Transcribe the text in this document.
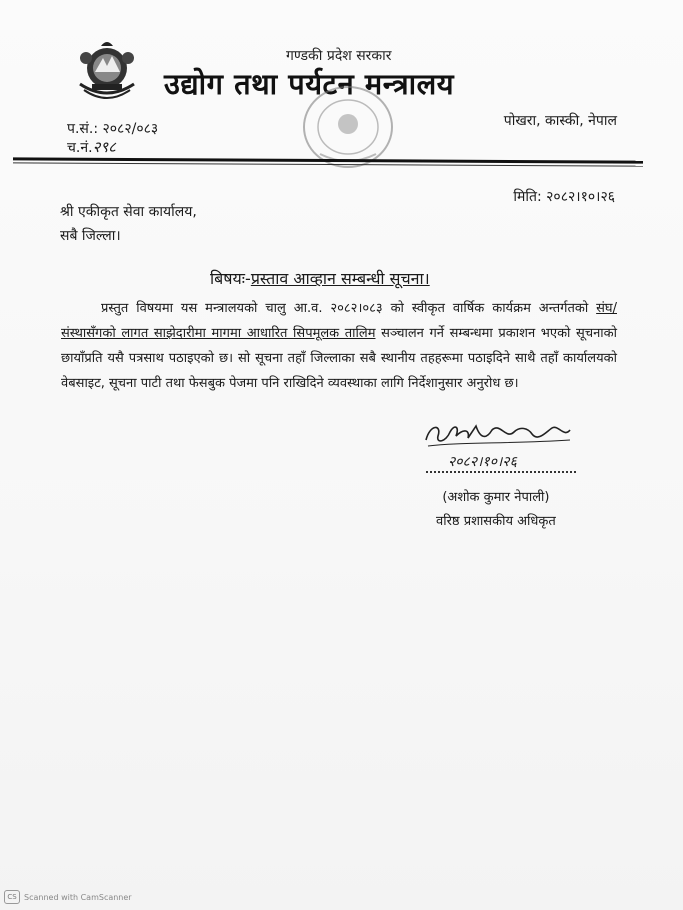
गण्डकी प्रदेश सरकार
उद्योग तथा पर्यटन मन्त्रालय
पोखरा, कास्की, नेपाल
प.सं.: २०८२/०८३
च.नं.२९८
मिति: २०८२।१०।२६
श्री एकीकृत सेवा कार्यालय,
सबै जिल्ला।
बिषयः-प्रस्ताव आव्हान सम्बन्धी सूचना।
प्रस्तुत विषयमा यस मन्त्रालयको चालु आ.व. २०८२।०८३ को स्वीकृत वार्षिक कार्यक्रम अन्तर्गतको संघ/संस्थासँगको लागत साझेदारीमा मागमा आधारित सिपमूलक तालिम सञ्चालन गर्ने सम्बन्धमा प्रकाशन भएको सूचनाको छायाँप्रति यसै पत्रसाथ पठाइएको छ। सो सूचना तहाँ जिल्लाका सबै स्थानीय तहहरूमा पठाइदिने साथै तहाँ कार्यालयको वेबसाइट, सूचना पाटी तथा फेसबुक पेजमा पनि राखिदिने व्यवस्थाका लागि निर्देशानुसार अनुरोध छ।
२०८२।१०।२६
(अशोक कुमार नेपाली)
वरिष्ठ प्रशासकीय अधिकृत
CS Scanned with CamScanner
